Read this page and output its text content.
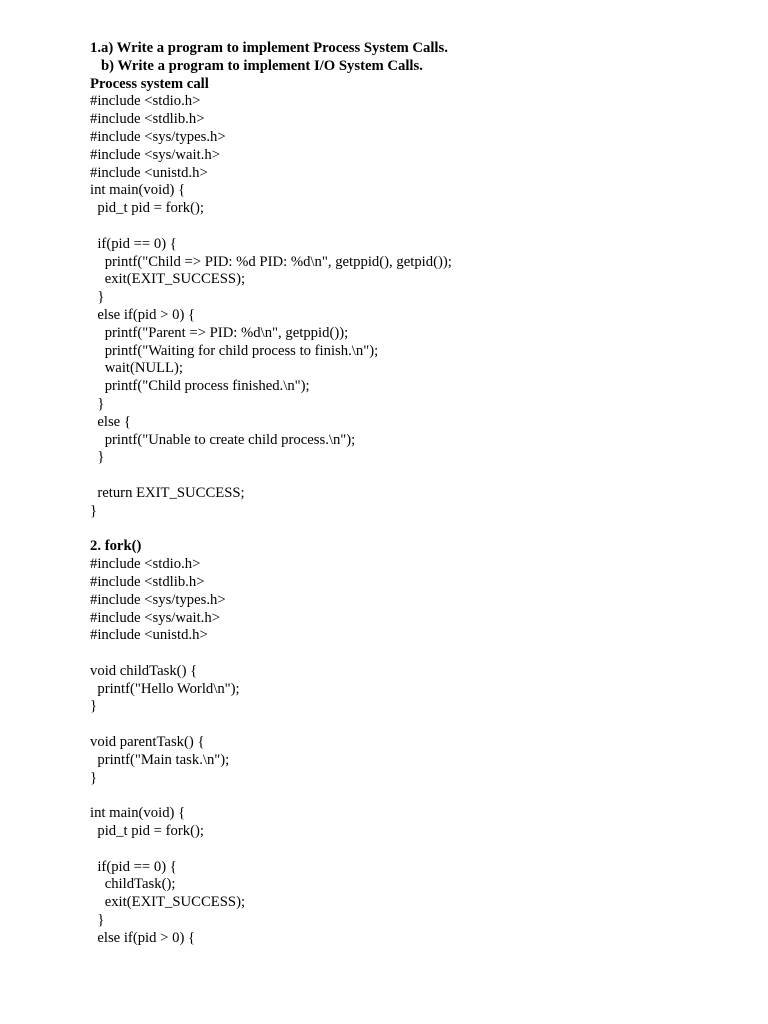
1.a) Write a program to implement Process System Calls.
b) Write a program to implement I/O System Calls.
Process system call
#include <stdio.h>
#include <stdlib.h>
#include <sys/types.h>
#include <sys/wait.h>
#include <unistd.h>
int main(void) {
pid_t pid = fork();
if(pid == 0) {
printf("Child => PID: %d PID: %d\n", getppid(), getpid());
exit(EXIT_SUCCESS);
}
else if(pid > 0) {
printf("Parent => PID: %d\n", getppid());
printf("Waiting for child process to finish.\n");
wait(NULL);
printf("Child process finished.\n");
}
else {
printf("Unable to create child process.\n");
}
return EXIT_SUCCESS;
}
2. fork()
#include <stdio.h>
#include <stdlib.h>
#include <sys/types.h>
#include <sys/wait.h>
#include <unistd.h>
void childTask() {
printf("Hello World\n");
}
void parentTask() {
printf("Main task.\n");
}
int main(void) {
pid_t pid = fork();
if(pid == 0) {
childTask();
exit(EXIT_SUCCESS);
}
else if(pid > 0) {
